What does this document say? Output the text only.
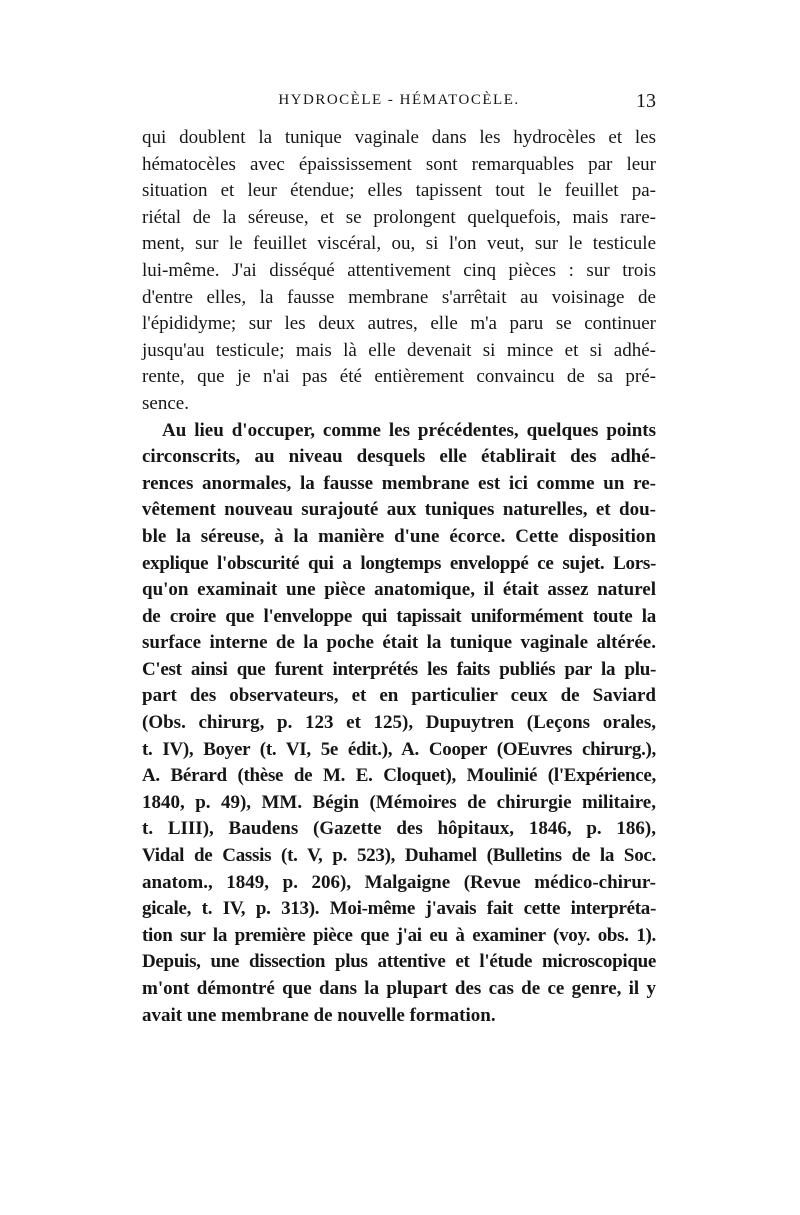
HYDROCÈLE - HÉMATOCÈLE.	13
qui doublent la tunique vaginale dans les hydrocèles et les
hématocèles avec épaississement sont remarquables par leur
situation et leur étendue; elles tapissent tout le feuillet pa-
riétal de la séreuse, et se prolongent quelquefois, mais rare-
ment, sur le feuillet viscéral, ou, si l'on veut, sur le testicule
lui-même. J'ai disséqué attentivement cinq pièces : sur trois
d'entre elles, la fausse membrane s'arrêtait au voisinage de
l'épididyme; sur les deux autres, elle m'a paru se continuer
jusqu'au testicule; mais là elle devenait si mince et si adhé-
rente, que je n'ai pas été entièrement convaincu de sa pré-
sence.
Au lieu d'occuper, comme les précédentes, quelques points
circonscrits, au niveau desquels elle établirait des adhé-
rences anormales, la fausse membrane est ici comme un re-
vêtement nouveau surajouté aux tuniques naturelles, et dou-
ble la séreuse, à la manière d'une écorce. Cette disposition
explique l'obscurité qui a longtemps enveloppé ce sujet. Lors-
qu'on examinait une pièce anatomique, il était assez naturel
de croire que l'enveloppe qui tapissait uniformément toute la
surface interne de la poche était la tunique vaginale altérée.
C'est ainsi que furent interprétés les faits publiés par la plu-
part des observateurs, et en particulier ceux de Saviard
(Obs. chirurg, p. 123 et 125), Dupuytren (Leçons orales,
t. IV), Boyer (t. VI, 5e édit.), A. Cooper (OEuvres chirurg.),
A. Bérard (thèse de M. E. Cloquet), Moulinié (l'Expérience,
1840, p. 49), MM. Bégin (Mémoires de chirurgie militaire,
t. LIII), Baudens (Gazette des hôpitaux, 1846, p. 186),
Vidal de Cassis (t. V, p. 523), Duhamel (Bulletins de la Soc.
anatom., 1849, p. 206), Malgaigne (Revue médico-chirur-
gicale, t. IV, p. 313). Moi-même j'avais fait cette interpréta-
tion sur la première pièce que j'ai eu à examiner (voy. obs. 1).
Depuis, une dissection plus attentive et l'étude microscopique
m'ont démontré que dans la plupart des cas de ce genre, il y
avait une membrane de nouvelle formation.
